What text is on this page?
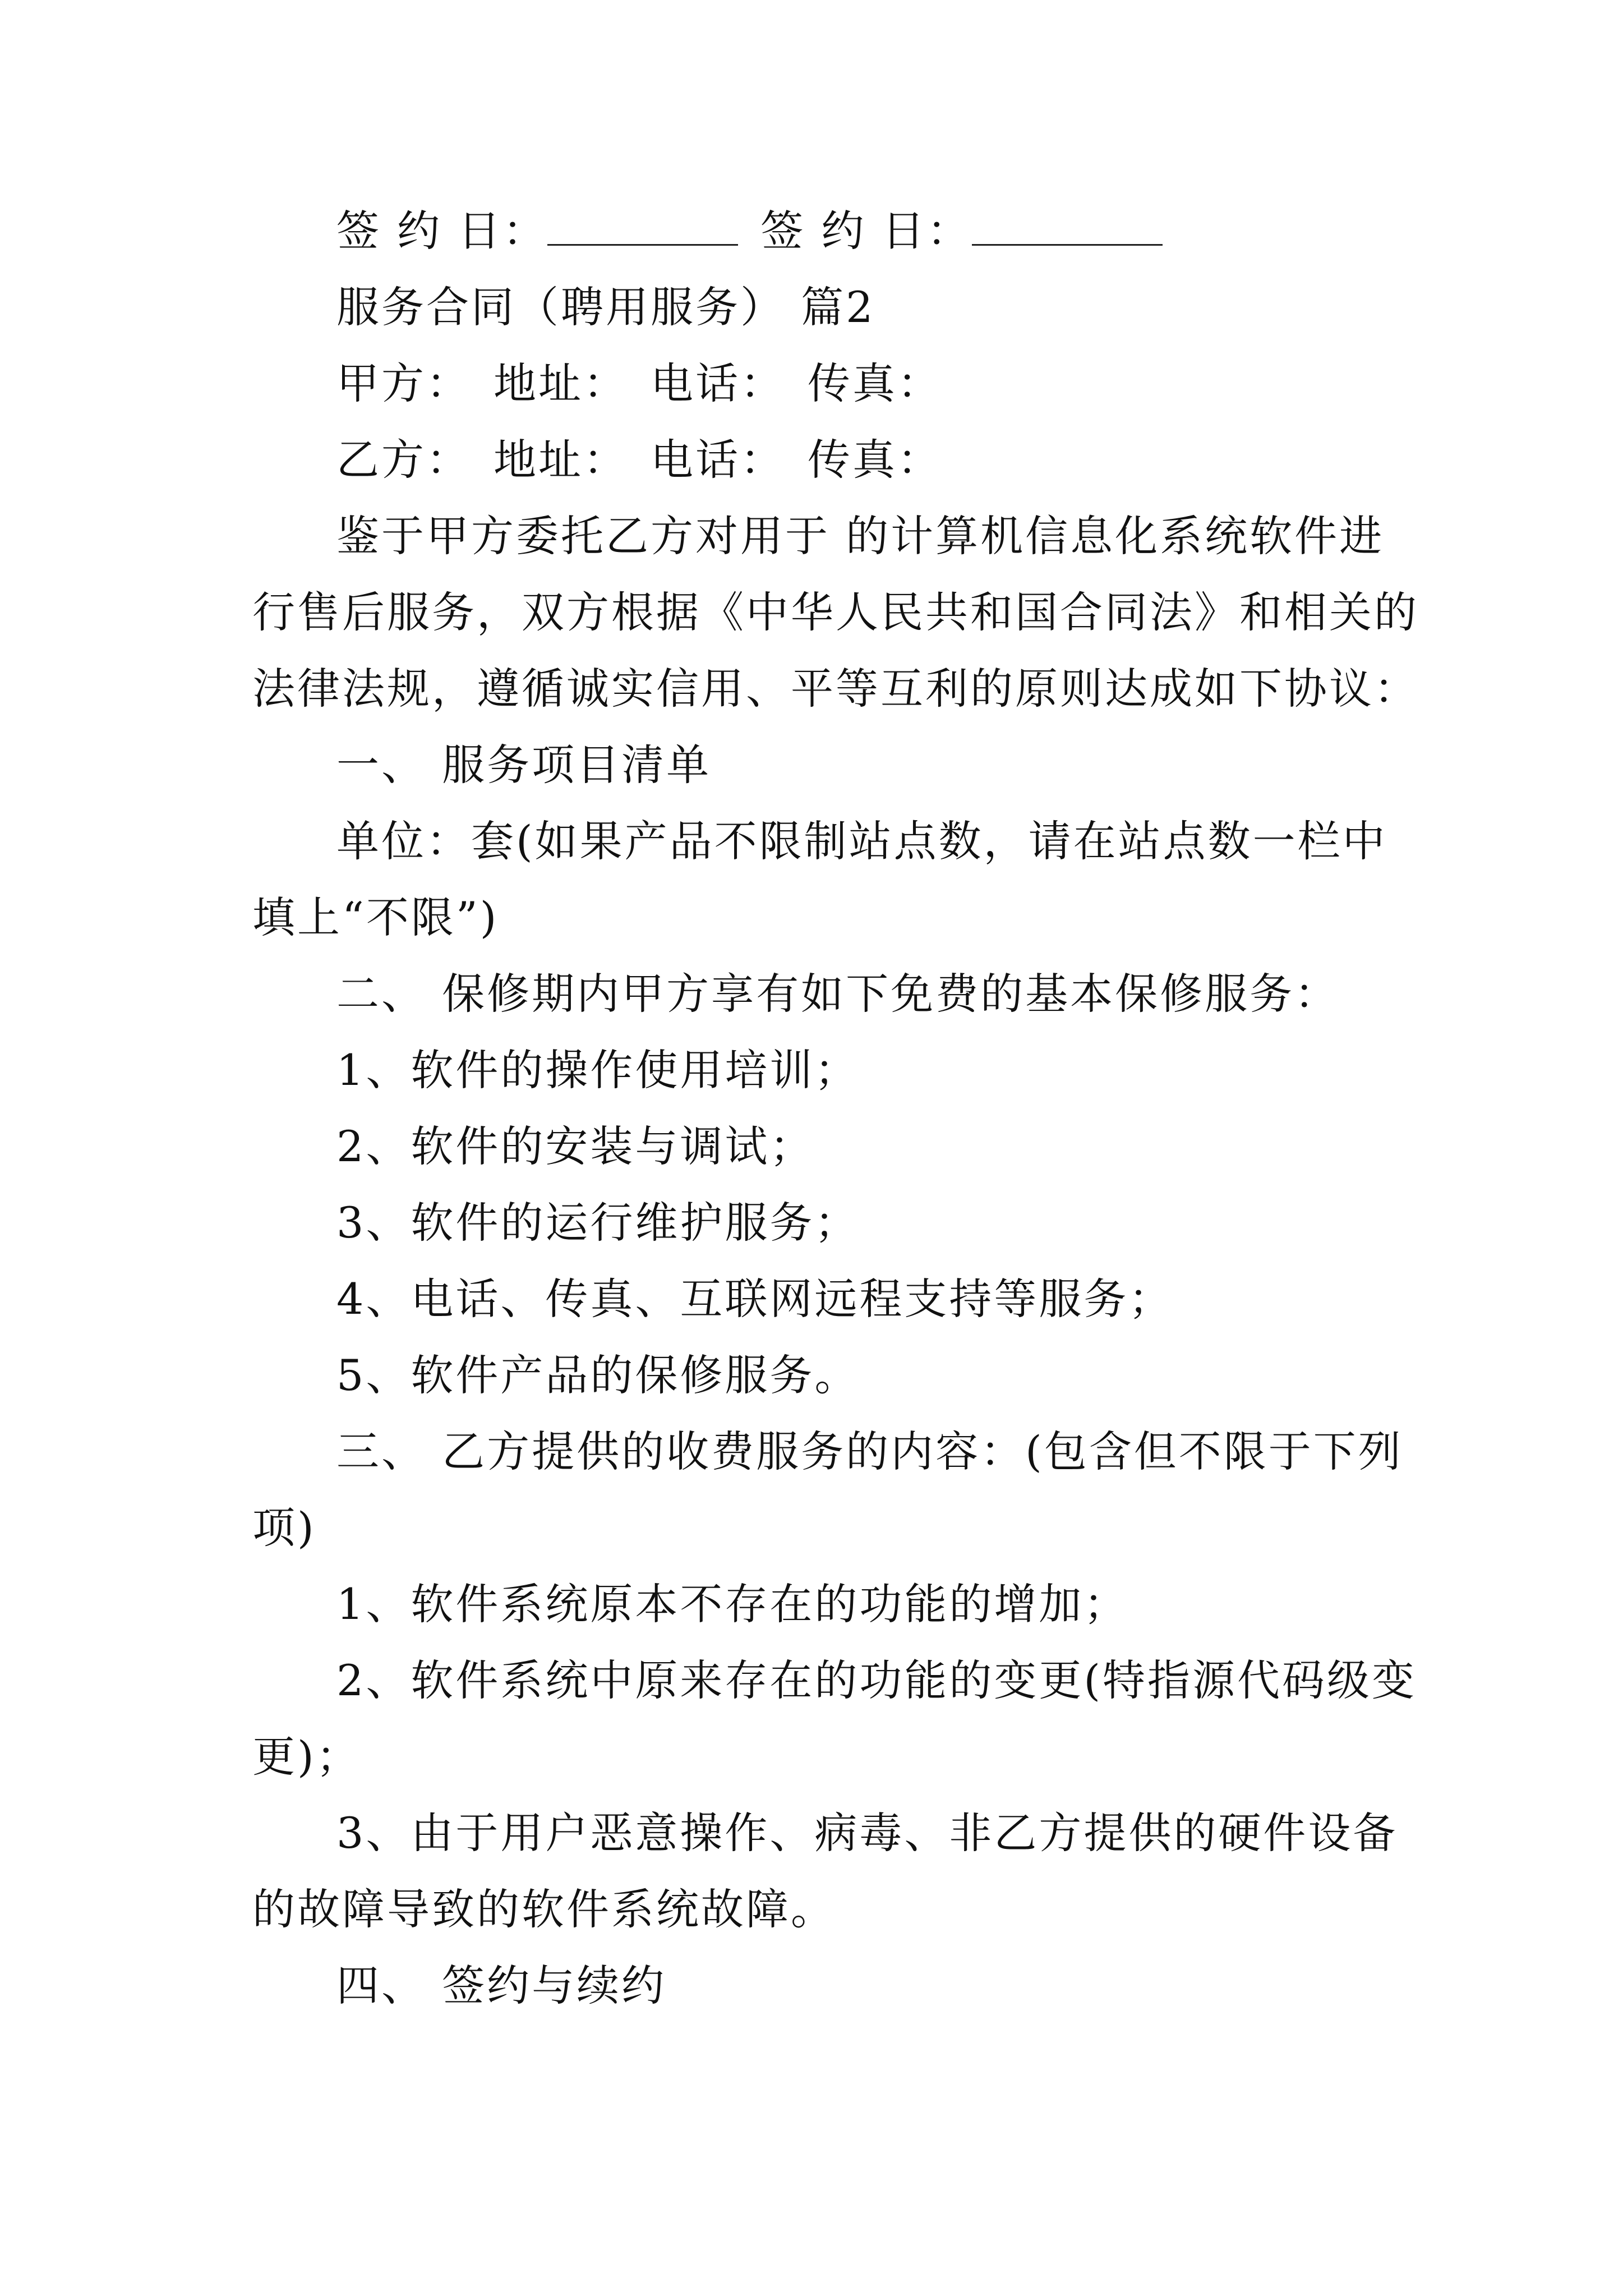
签 约 日：	签 约 日：
服务合同（聘用服务） 篇2
甲方： 地址： 电话： 传真：
乙方： 地址： 电话： 传真：
鉴于甲方委托乙方对用于 的计算机信息化系统软件进
行售后服务，双方根据《中华人民共和国合同法》和相关的
法律法规，遵循诚实信用、平等互利的原则达成如下协议：
一、 服务项目清单
单位：套(如果产品不限制站点数，请在站点数一栏中
填上“不限”)
二、 保修期内甲方享有如下免费的基本保修服务：
1、软件的操作使用培训；
2、软件的安装与调试；
3、软件的运行维护服务；
4、电话、传真、互联网远程支持等服务；
5、软件产品的保修服务。
三、 乙方提供的收费服务的内容：(包含但不限于下列
项)
1、软件系统原本不存在的功能的增加；
2、软件系统中原来存在的功能的变更(特指源代码级变
更)；
3、由于用户恶意操作、病毒、非乙方提供的硬件设备
的故障导致的软件系统故障。
四、 签约与续约
